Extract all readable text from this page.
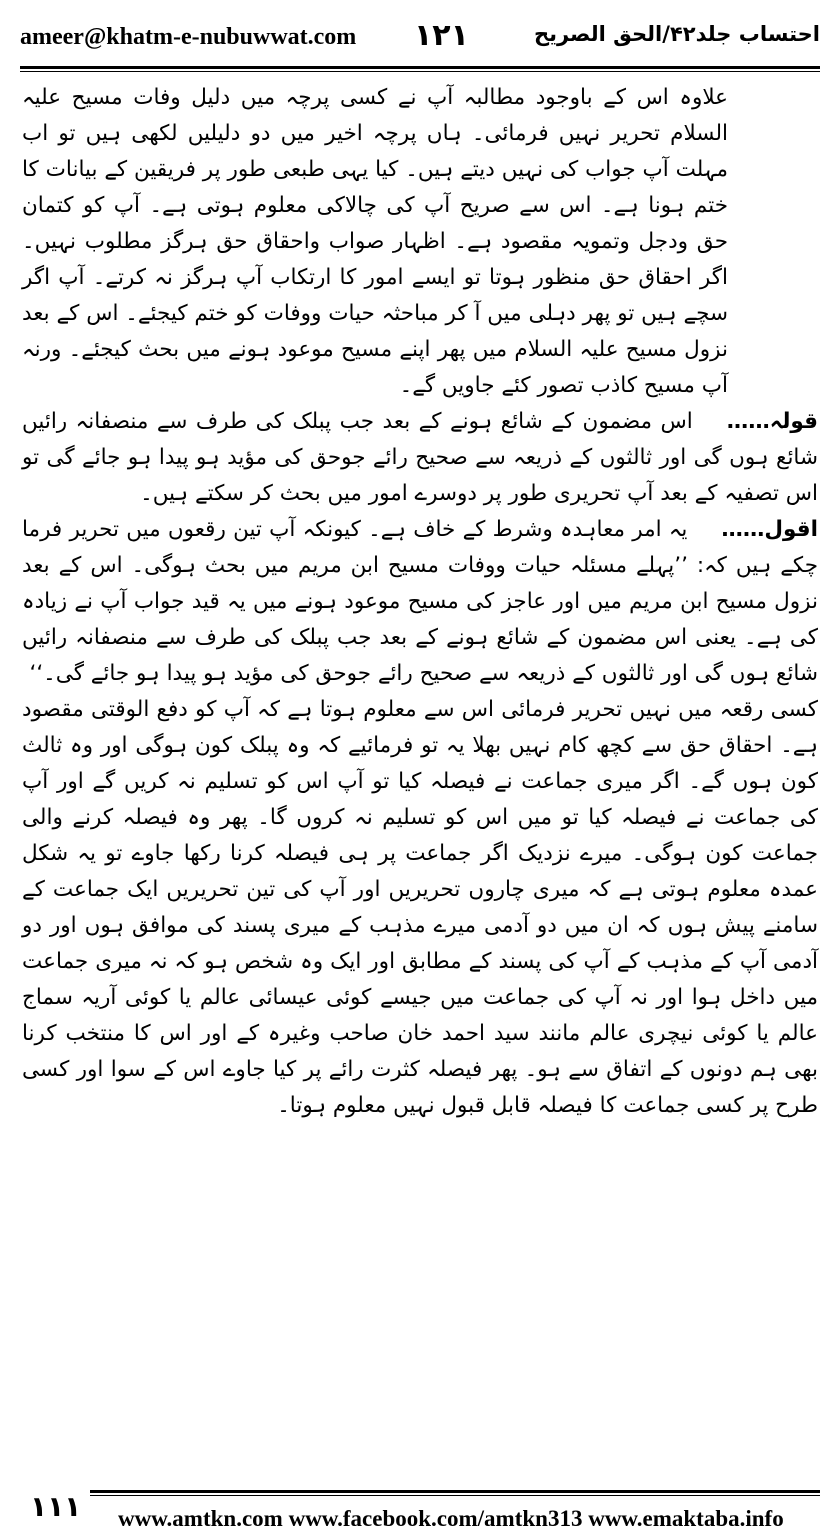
ameer@khatm-e-nubuwwat.com ۱۲۱	احتساب جلد۴۲/الحق الصریح

علاوہ اس کے باوجود مطالبہ آپ نے کسی پرچہ میں دلیل وفات مسیح علیہ السلام تحریر نہیں فرمائی۔ ہاں پرچہ اخیر میں دو دلیلیں لکھی ہیں تو اب مہلت آپ جواب کی نہیں دیتے ہیں۔ کیا یہی طبعی طور پر فریقین کے بیانات کا ختم ہونا ہے۔ اس سے صریح آپ کی چالاکی معلوم ہوتی ہے۔ آپ کو کتمان حق ودجل وتمویہ مقصود ہے۔ اظہار صواب واحقاق حق ہرگز مطلوب نہیں۔ اگر احقاق حق منظور ہوتا تو ایسے امور کا ارتکاب آپ ہرگز نہ کرتے۔ آپ اگر سچے ہیں تو پھر دہلی میں آ کر مباحثہ حیات ووفات کو ختم کیجئے۔ اس کے بعد نزول مسیح علیہ السلام میں پھر اپنے مسیح موعود ہونے میں بحث کیجئے۔ ورنہ آپ مسیح کاذب تصور کئے جاویں گے۔

قولہ……اس مضمون کے شائع ہونے کے بعد جب پبلک کی طرف سے منصفانہ رائیں شائع ہوں گی اور ثالثوں کے ذریعہ سے صحیح رائے جوحق کی مؤید ہو پیدا ہو جائے گی تو اس تصفیہ کے بعد آپ تحریری طور پر دوسرے امور میں بحث کر سکتے ہیں۔

اقول……یہ امر معاہدہ وشرط کے خاف ہے۔ کیونکہ آپ تین رقعوں میں تحریر فرما چکے ہیں کہ: ’’پہلے مسئلہ حیات ووفات مسیح ابن مریم میں بحث ہوگی۔ اس کے بعد نزول مسیح ابن مریم میں اور عاجز کی مسیح موعود ہونے میں یہ قید جواب آپ نے زیادہ کی ہے۔ یعنی اس مضمون کے شائع ہونے کے بعد جب پبلک کی طرف سے منصفانہ رائیں شائع ہوں گی اور ثالثوں کے ذریعہ سے صحیح رائے جوحق کی مؤید ہو پیدا ہو جائے گی۔‘‘

کسی رقعہ میں نہیں تحریر فرمائی اس سے معلوم ہوتا ہے کہ آپ کو دفع الوقتی مقصود ہے۔ احقاق حق سے کچھ کام نہیں بھلا یہ تو فرمائیے کہ وہ پبلک کون ہوگی اور وہ ثالث کون ہوں گے۔ اگر میری جماعت نے فیصلہ کیا تو آپ اس کو تسلیم نہ کریں گے اور آپ کی جماعت نے فیصلہ کیا تو میں اس کو تسلیم نہ کروں گا۔ پھر وہ فیصلہ کرنے والی جماعت کون ہوگی۔ میرے نزدیک اگر جماعت پر ہی فیصلہ کرنا رکھا جاوے تو یہ شکل عمدہ معلوم ہوتی ہے کہ میری چاروں تحریریں اور آپ کی تین تحریریں ایک جماعت کے سامنے پیش ہوں کہ ان میں دو آدمی میرے مذہب کے میری پسند کی موافق ہوں اور دو آدمی آپ کے مذہب کے آپ کی پسند کے مطابق اور ایک وہ شخص ہو کہ نہ میری جماعت میں داخل ہوا اور نہ آپ کی جماعت میں جیسے کوئی عیسائی عالم یا کوئی آریہ سماج عالم یا کوئی نیچری عالم مانند سید احمد خان صاحب وغیرہ کے اور اس کا منتخب کرنا بھی ہم دونوں کے اتفاق سے ہو۔ پھر فیصلہ کثرت رائے پر کیا جاوے اس کے سوا اور کسی طرح پر کسی جماعت کا فیصلہ قابل قبول نہیں معلوم ہوتا۔

۱۱۱ www.amtkn.com www.facebook.com/amtkn313 www.emaktaba.info
